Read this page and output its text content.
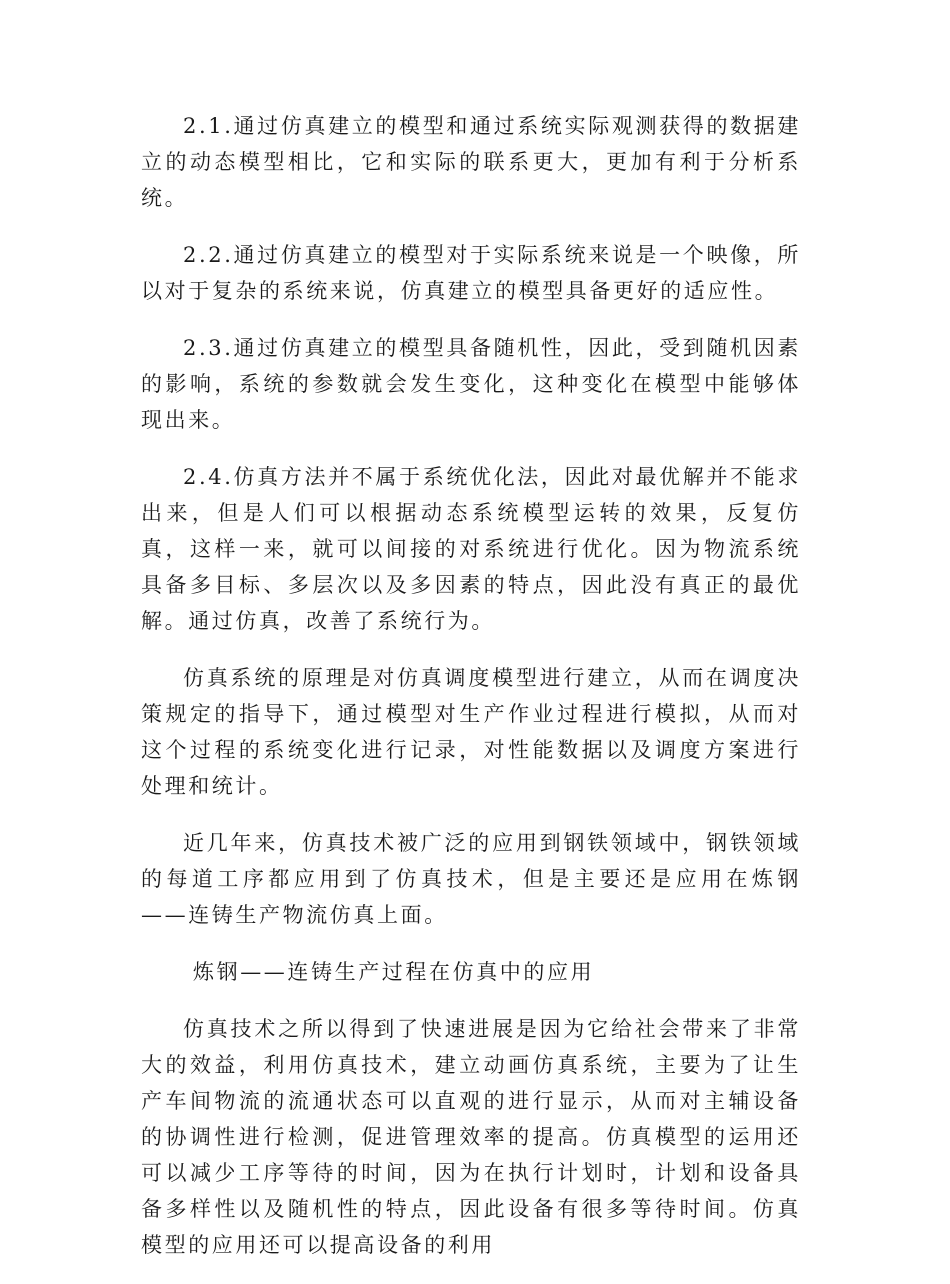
2.1.通过仿真建立的模型和通过系统实际观测获得的数据建立的动态模型相比，它和实际的联系更大，更加有利于分析系统。

2.2.通过仿真建立的模型对于实际系统来说是一个映像，所以对于复杂的系统来说，仿真建立的模型具备更好的适应性。

2.3.通过仿真建立的模型具备随机性，因此，受到随机因素的影响，系统的参数就会发生变化，这种变化在模型中能够体现出来。

2.4.仿真方法并不属于系统优化法，因此对最优解并不能求出来，但是人们可以根据动态系统模型运转的效果，反复仿真，这样一来，就可以间接的对系统进行优化。因为物流系统具备多目标、多层次以及多因素的特点，因此没有真正的最优解。通过仿真，改善了系统行为。

仿真系统的原理是对仿真调度模型进行建立，从而在调度决策规定的指导下，通过模型对生产作业过程进行模拟，从而对这个过程的系统变化进行记录，对性能数据以及调度方案进行处理和统计。

近几年来，仿真技术被广泛的应用到钢铁领域中，钢铁领域的每道工序都应用到了仿真技术，但是主要还是应用在炼钢——连铸生产物流仿真上面。

炼钢——连铸生产过程在仿真中的应用

仿真技术之所以得到了快速进展是因为它给社会带来了非常大的效益，利用仿真技术，建立动画仿真系统，主要为了让生产车间物流的流通状态可以直观的进行显示，从而对主辅设备的协调性进行检测，促进管理效率的提高。仿真模型的运用还可以减少工序等待的时间，因为在执行计划时，计划和设备具备多样性以及随机性的特点，因此设备有很多等待时间。仿真模型的应用还可以提高设备的利用
